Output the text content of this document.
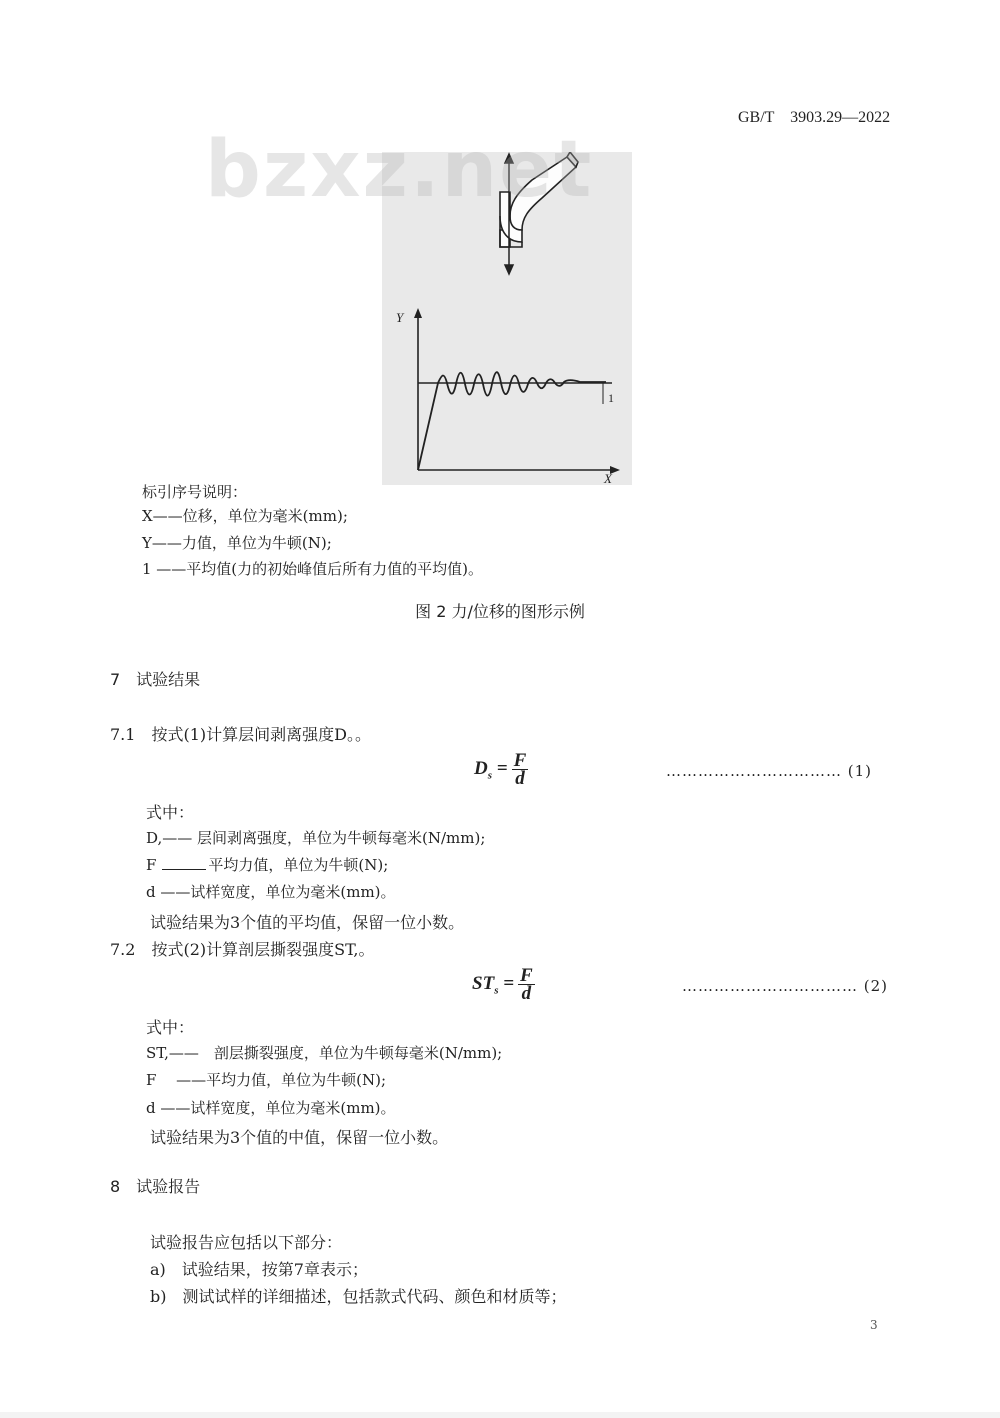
GB/T　3903.29—2022
Y
X
1
bzxz.net
标引序号说明：
X——位移，单位为毫米(mm);
Y——力值，单位为牛顿(N);
1 ——平均值(力的初始峰值后所有力值的平均值)。
图 2 力/位移的图形示例
7　试验结果
7.1　按式(1)计算层间剥离强度D。。
$D_s = \frac{F}{d}$	…………………………… (1)
式中：
D,—— 层间剥离强度，单位为牛顿每毫米(N/mm);
F	平均力值，单位为牛顿(N);
d ——试样宽度，单位为毫米(mm)。
试验结果为3个值的平均值，保留一位小数。
7.2　按式(2)计算剖层撕裂强度ST,。
$ST_s = \frac{F}{d}$	…………………………… (2)
式中：
ST,——　剖层撕裂强度，单位为牛顿每毫米(N/mm);
F　 ——平均力值，单位为牛顿(N);
d ——试样宽度，单位为毫米(mm)。
试验结果为3个值的中值，保留一位小数。
8　试验报告
试验报告应包括以下部分：
a)　试验结果，按第7章表示；
b)　测试试样的详细描述，包括款式代码、颜色和材质等；
3
